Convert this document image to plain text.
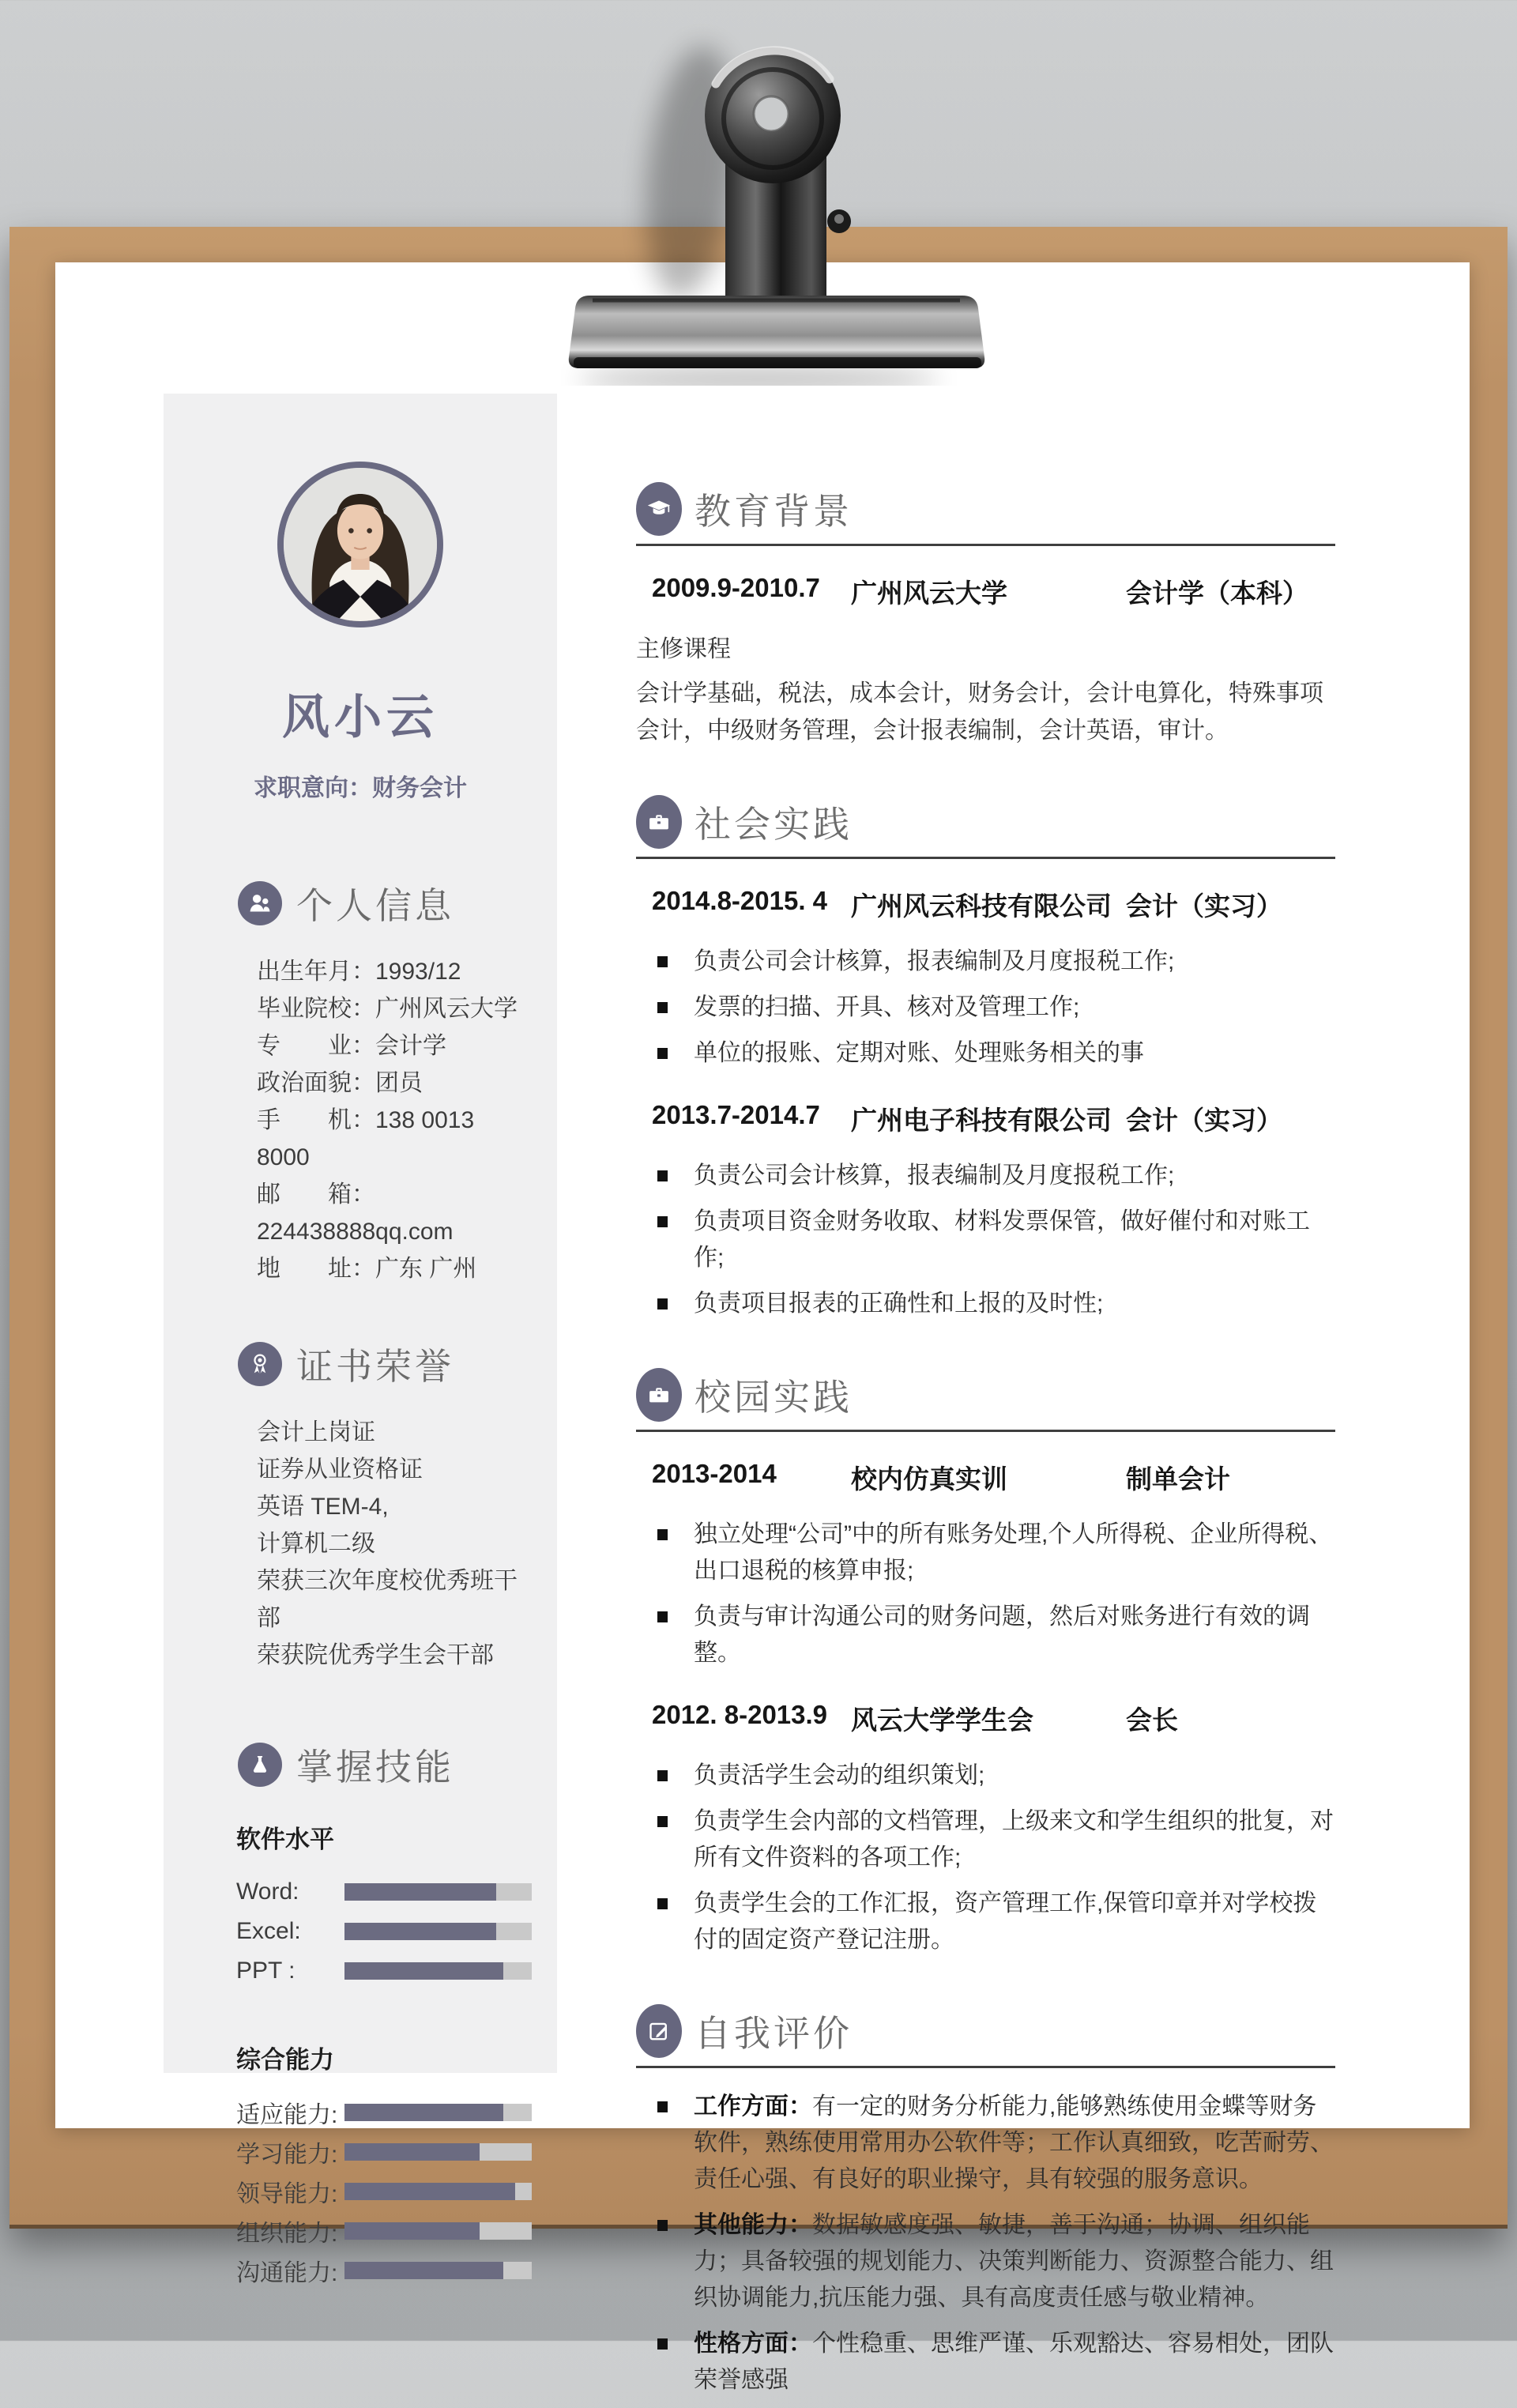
风小云
求职意向：财务会计
个人信息
出生年月：1993/12
毕业院校：广州风云大学
专　　业：会计学
政治面貌：团员
手　　机：138 0013 8000
邮　　箱：224438888qq.com
地　　址：广东 广州
证书荣誉
会计上岗证
证券从业资格证
英语 TEM-4,
计算机二级
荣获三次年度校优秀班干部
荣获院优秀学生会干部
掌握技能
软件水平
Word:
Excel:
PPT :
综合能力
适应能力:
学习能力:
领导能力:
组织能力:
沟通能力:
教育背景
2009.9-2010.7	广州风云大学	会计学（本科）
主修课程
会计学基础，税法，成本会计，财务会计，会计电算化，特殊事项会计，中级财务管理，会计报表编制，会计英语，审计。
社会实践
2014.8-2015. 4 广州风云科技有限公司 会计（实习）
负责公司会计核算，报表编制及月度报税工作;
发票的扫描、开具、核对及管理工作;
单位的报账、定期对账、处理账务相关的事
2013.7-2014.7	广州电子科技有限公司 会计（实习）
负责公司会计核算，报表编制及月度报税工作;
负责项目资金财务收取、材料发票保管，做好催付和对账工作;
负责项目报表的正确性和上报的及时性;
校园实践
2013-2014	校内仿真实训	制单会计
独立处理“公司”中的所有账务处理,个人所得税、企业所得税、出口退税的核算申报;
负责与审计沟通公司的财务问题，然后对账务进行有效的调整。
2012. 8-2013.9 风云大学学生会	会长
负责活学生会动的组织策划;
负责学生会内部的文档管理，上级来文和学生组织的批复，对所有文件资料的各项工作;
负责学生会的工作汇报，资产管理工作,保管印章并对学校拨付的固定资产登记注册。
自我评价
工作方面：有一定的财务分析能力,能够熟练使用金蝶等财务软件，熟练使用常用办公软件等；工作认真细致，吃苦耐劳、责任心强、有良好的职业操守，具有较强的服务意识。
其他能力：数据敏感度强、敏捷，善于沟通；协调、组织能力；具备较强的规划能力、决策判断能力、资源整合能力、组织协调能力,抗压能力强、具有高度责任感与敬业精神。
性格方面：个性稳重、思维严谨、乐观豁达、容易相处，团队荣誉感强
